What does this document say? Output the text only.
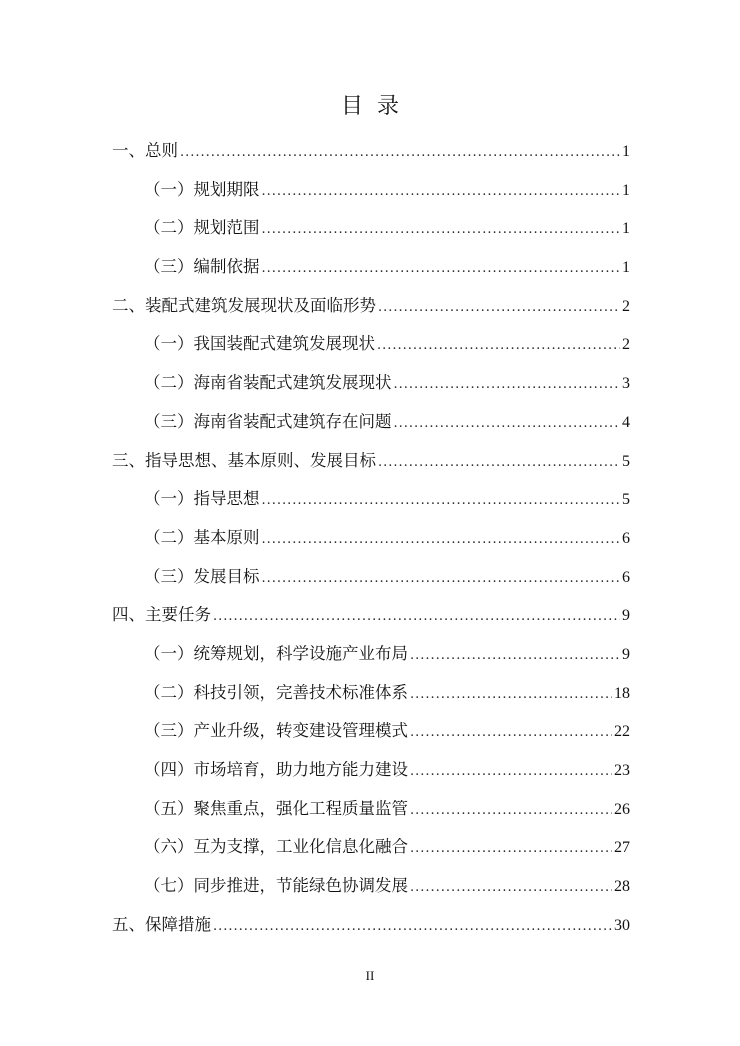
目录
一、总则 .....	1
（一）规划期限 .....	1
（二）规划范围 .....	1
（三）编制依据 .....	1
二、装配式建筑发展现状及面临形势 .....	2
（一）我国装配式建筑发展现状 .....	2
（二）海南省装配式建筑发展现状 .....	3
（三）海南省装配式建筑存在问题 .....	4
三、指导思想、基本原则、发展目标 .....	5
（一）指导思想 .....	5
（二）基本原则 .....	6
（三）发展目标 .....	6
四、主要任务 .....	9
（一）统筹规划，科学设施产业布局 .....	9
（二）科技引领，完善技术标准体系 .....	18
（三）产业升级，转变建设管理模式 .....	22
（四）市场培育，助力地方能力建设 .....	23
（五）聚焦重点，强化工程质量监管 .....	26
（六）互为支撑，工业化信息化融合 .....	27
（七）同步推进，节能绿色协调发展 .....	28
五、保障措施 .....	30
II
